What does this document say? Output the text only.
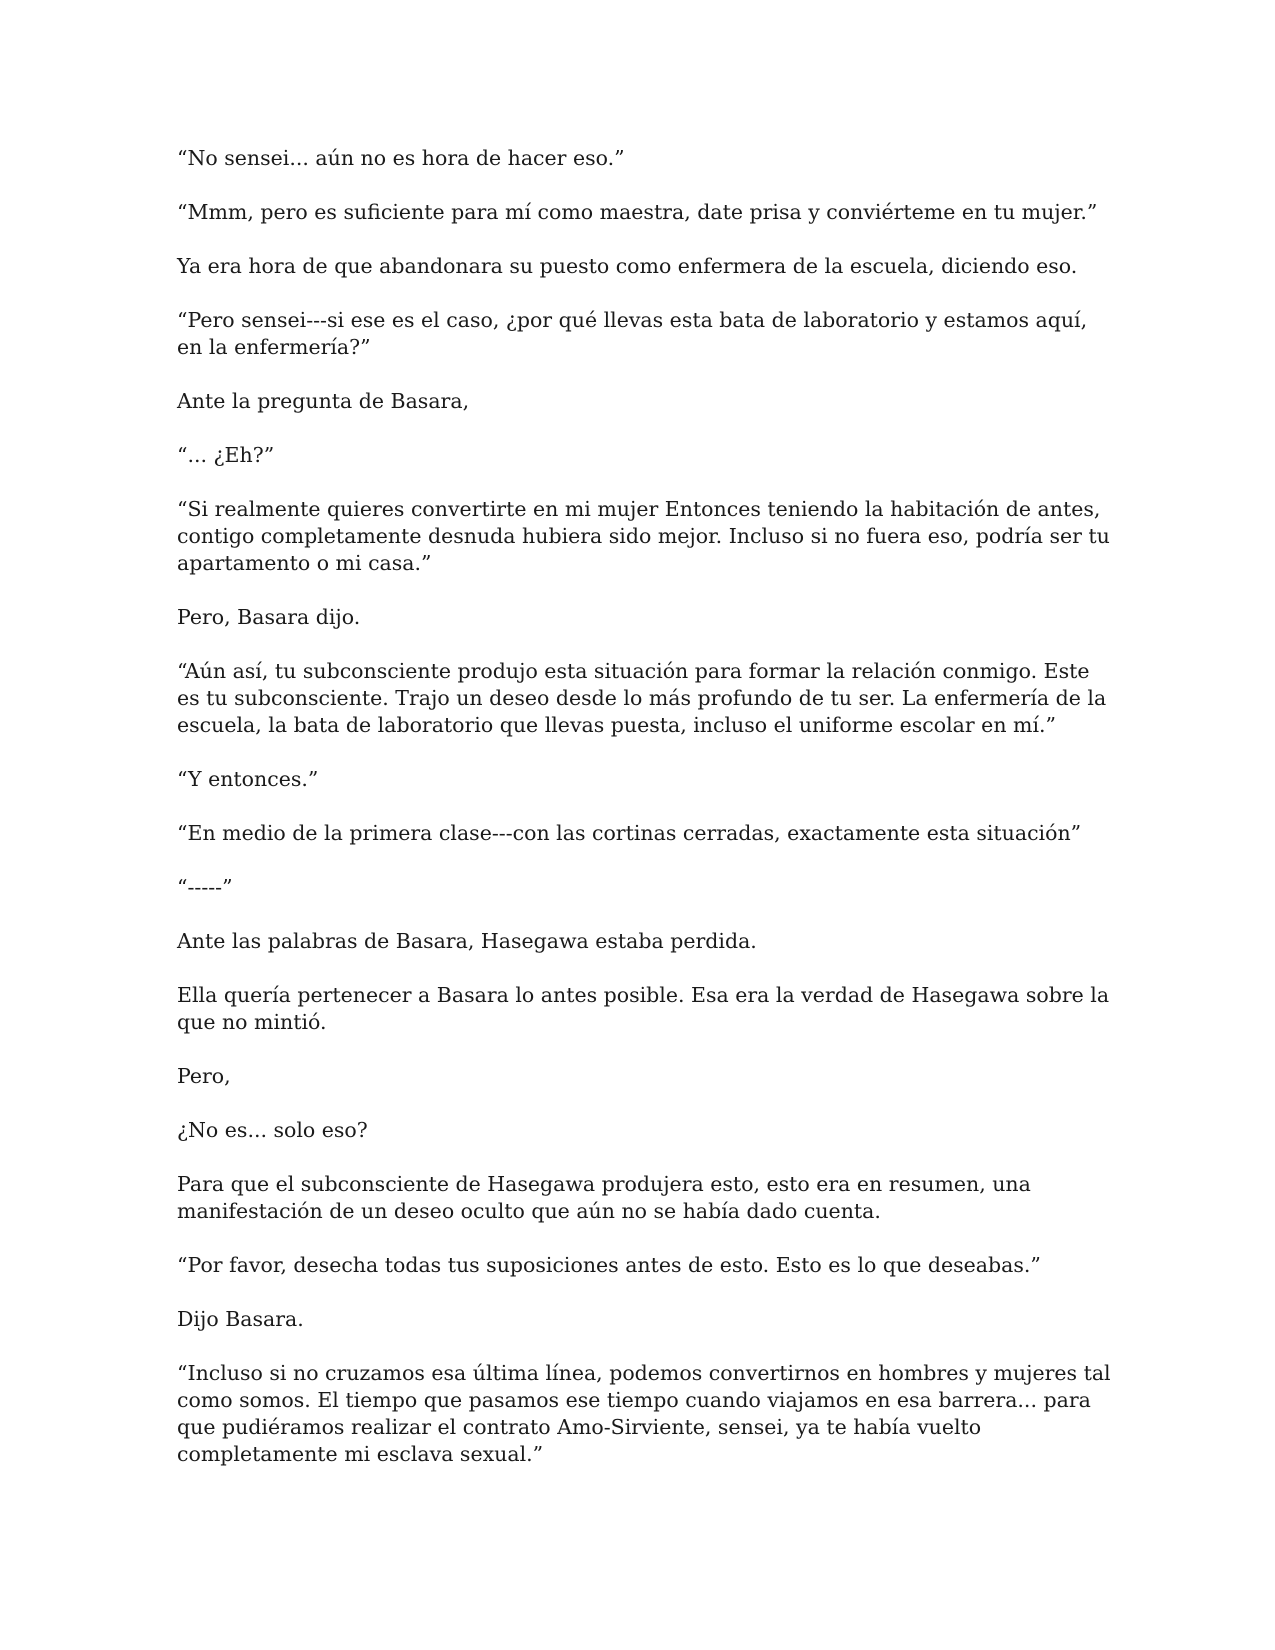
“No sensei... aún no es hora de hacer eso.”

“Mmm, pero es suficiente para mí como maestra, date prisa y conviérteme en tu mujer.”

Ya era hora de que abandonara su puesto como enfermera de la escuela, diciendo eso.

“Pero sensei---si ese es el caso, ¿por qué llevas esta bata de laboratorio y estamos aquí, en la enfermería?”

Ante la pregunta de Basara,

“... ¿Eh?”

“Si realmente quieres convertirte en mi mujer Entonces teniendo la habitación de antes, contigo completamente desnuda hubiera sido mejor. Incluso si no fuera eso, podría ser tu apartamento o mi casa.”

Pero, Basara dijo.

“Aún así, tu subconsciente produjo esta situación para formar la relación conmigo. Este es tu subconsciente. Trajo un deseo desde lo más profundo de tu ser. La enfermería de la escuela, la bata de laboratorio que llevas puesta, incluso el uniforme escolar en mí.”

“Y entonces.”

“En medio de la primera clase---con las cortinas cerradas, exactamente esta situación”

“-----”

Ante las palabras de Basara, Hasegawa estaba perdida.

Ella quería pertenecer a Basara lo antes posible. Esa era la verdad de Hasegawa sobre la que no mintió.

Pero,

¿No es... solo eso?

Para que el subconsciente de Hasegawa produjera esto, esto era en resumen, una manifestación de un deseo oculto que aún no se había dado cuenta.

“Por favor, desecha todas tus suposiciones antes de esto. Esto es lo que deseabas.”

Dijo Basara.

“Incluso si no cruzamos esa última línea, podemos convertirnos en hombres y mujeres tal como somos. El tiempo que pasamos ese tiempo cuando viajamos en esa barrera... para que pudiéramos realizar el contrato Amo-Sirviente, sensei, ya te había vuelto completamente mi esclava sexual.”
